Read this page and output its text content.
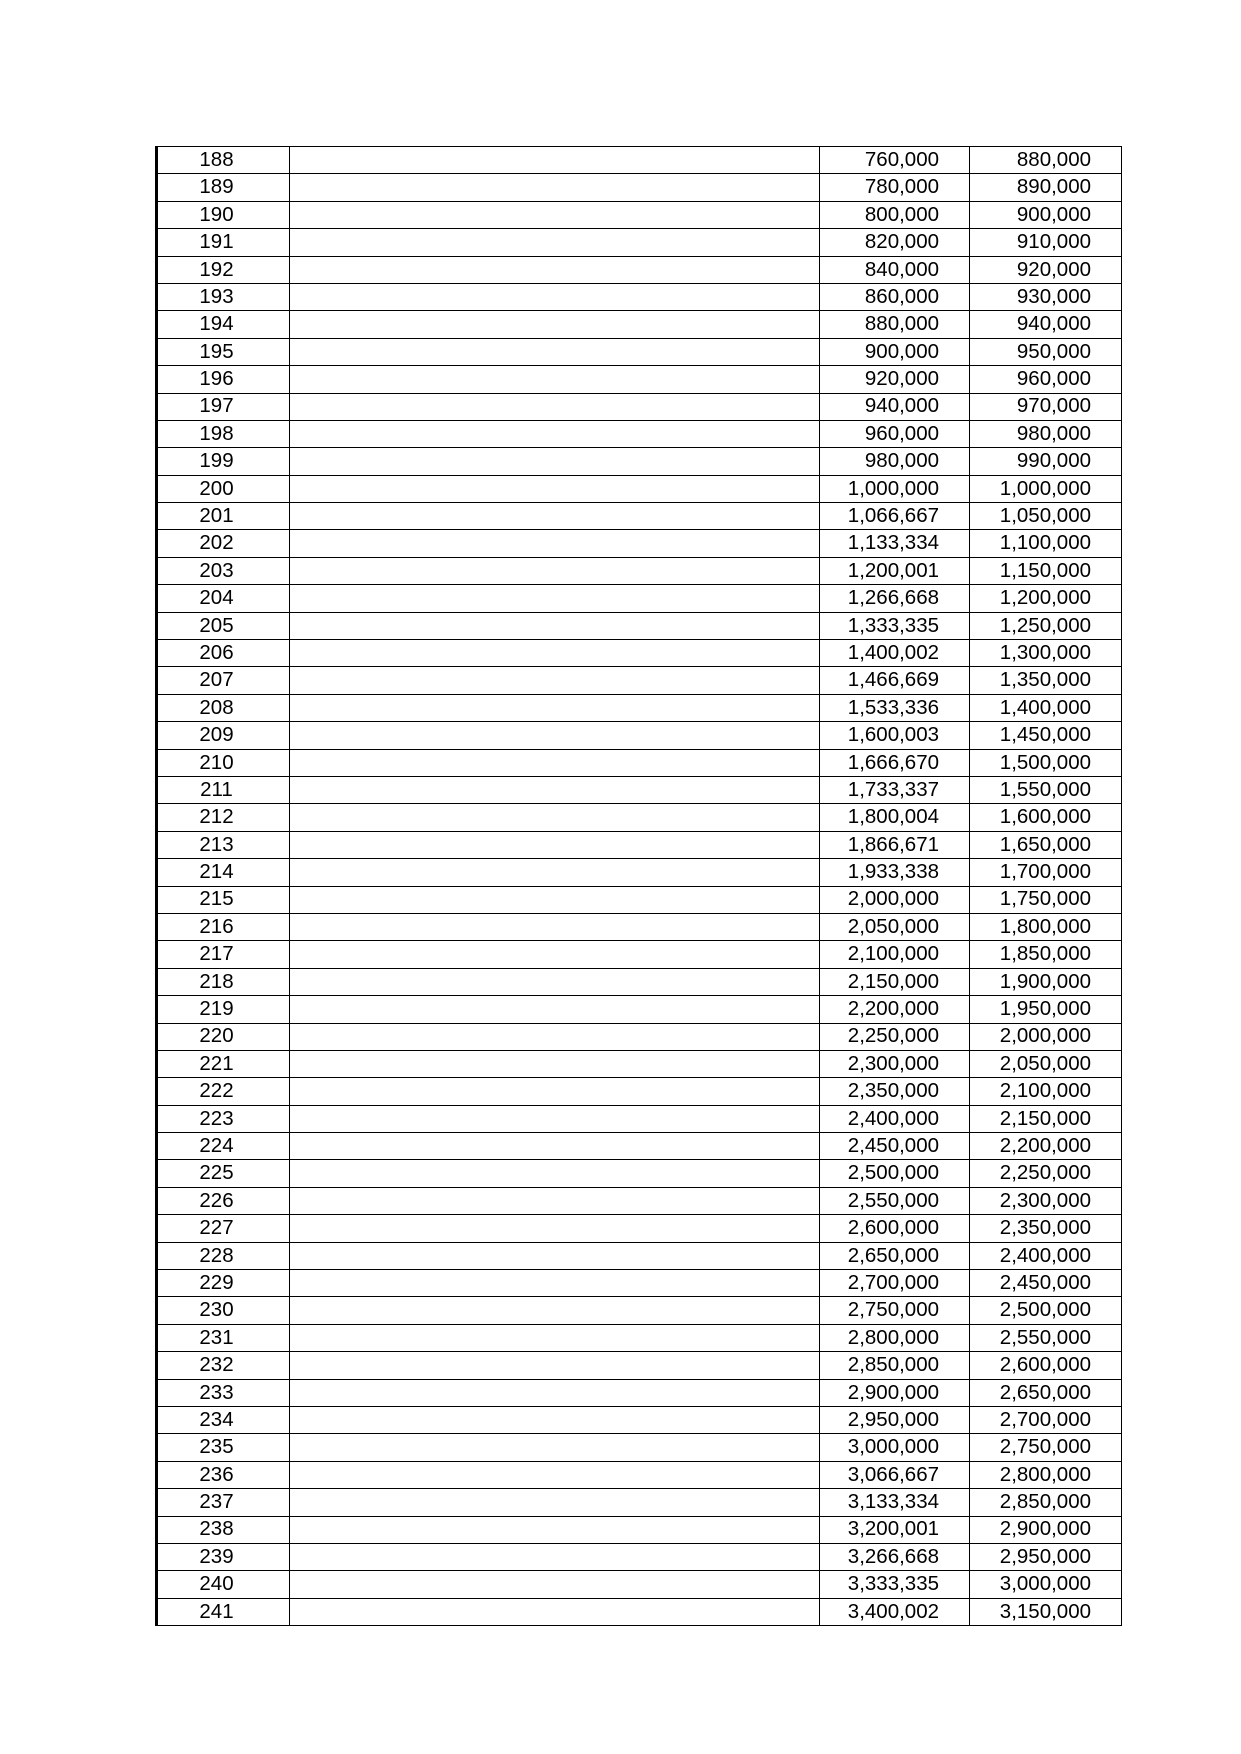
188		760,000	880,000
189		780,000	890,000
190		800,000	900,000
191		820,000	910,000
192		840,000	920,000
193		860,000	930,000
194		880,000	940,000
195		900,000	950,000
196		920,000	960,000
197		940,000	970,000
198		960,000	980,000
199		980,000	990,000
200		1,000,000	1,000,000
201		1,066,667	1,050,000
202		1,133,334	1,100,000
203		1,200,001	1,150,000
204		1,266,668	1,200,000
205		1,333,335	1,250,000
206		1,400,002	1,300,000
207		1,466,669	1,350,000
208		1,533,336	1,400,000
209		1,600,003	1,450,000
210		1,666,670	1,500,000
211		1,733,337	1,550,000
212		1,800,004	1,600,000
213		1,866,671	1,650,000
214		1,933,338	1,700,000
215		2,000,000	1,750,000
216		2,050,000	1,800,000
217		2,100,000	1,850,000
218		2,150,000	1,900,000
219		2,200,000	1,950,000
220		2,250,000	2,000,000
221		2,300,000	2,050,000
222		2,350,000	2,100,000
223		2,400,000	2,150,000
224		2,450,000	2,200,000
225		2,500,000	2,250,000
226		2,550,000	2,300,000
227		2,600,000	2,350,000
228		2,650,000	2,400,000
229		2,700,000	2,450,000
230		2,750,000	2,500,000
231		2,800,000	2,550,000
232		2,850,000	2,600,000
233		2,900,000	2,650,000
234		2,950,000	2,700,000
235		3,000,000	2,750,000
236		3,066,667	2,800,000
237		3,133,334	2,850,000
238		3,200,001	2,900,000
239		3,266,668	2,950,000
240		3,333,335	3,000,000
241		3,400,002	3,150,000
